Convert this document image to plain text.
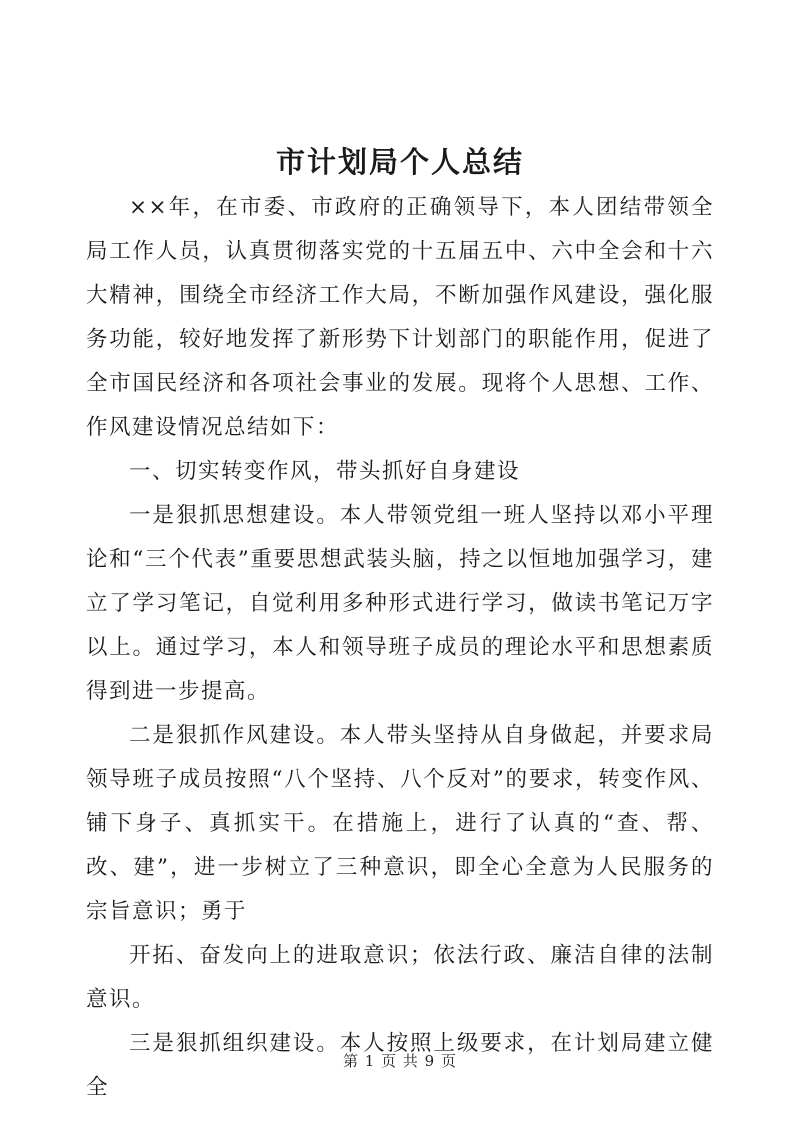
市计划局个人总结

××年，在市委、市政府的正确领导下，本人团结带领全局工作人员，认真贯彻落实党的十五届五中、六中全会和十六大精神，围绕全市经济工作大局，不断加强作风建设，强化服务功能，较好地发挥了新形势下计划部门的职能作用，促进了全市国民经济和各项社会事业的发展。现将个人思想、工作、作风建设情况总结如下：

一、切实转变作风，带头抓好自身建设

一是狠抓思想建设。本人带领党组一班人坚持以邓小平理论和“三个代表”重要思想武装头脑，持之以恒地加强学习，建立了学习笔记，自觉利用多种形式进行学习，做读书笔记万字以上。通过学习，本人和领导班子成员的理论水平和思想素质得到进一步提高。

二是狠抓作风建设。本人带头坚持从自身做起，并要求局领导班子成员按照“八个坚持、八个反对”的要求，转变作风、铺下身子、真抓实干。在措施上，进行了认真的“查、帮、改、建”，进一步树立了三种意识，即全心全意为人民服务的宗旨意识；勇于

开拓、奋发向上的进取意识；依法行政、廉洁自律的法制意识。

三是狠抓组织建设。本人按照上级要求，在计划局建立健全

第 1 页 共 9 页
